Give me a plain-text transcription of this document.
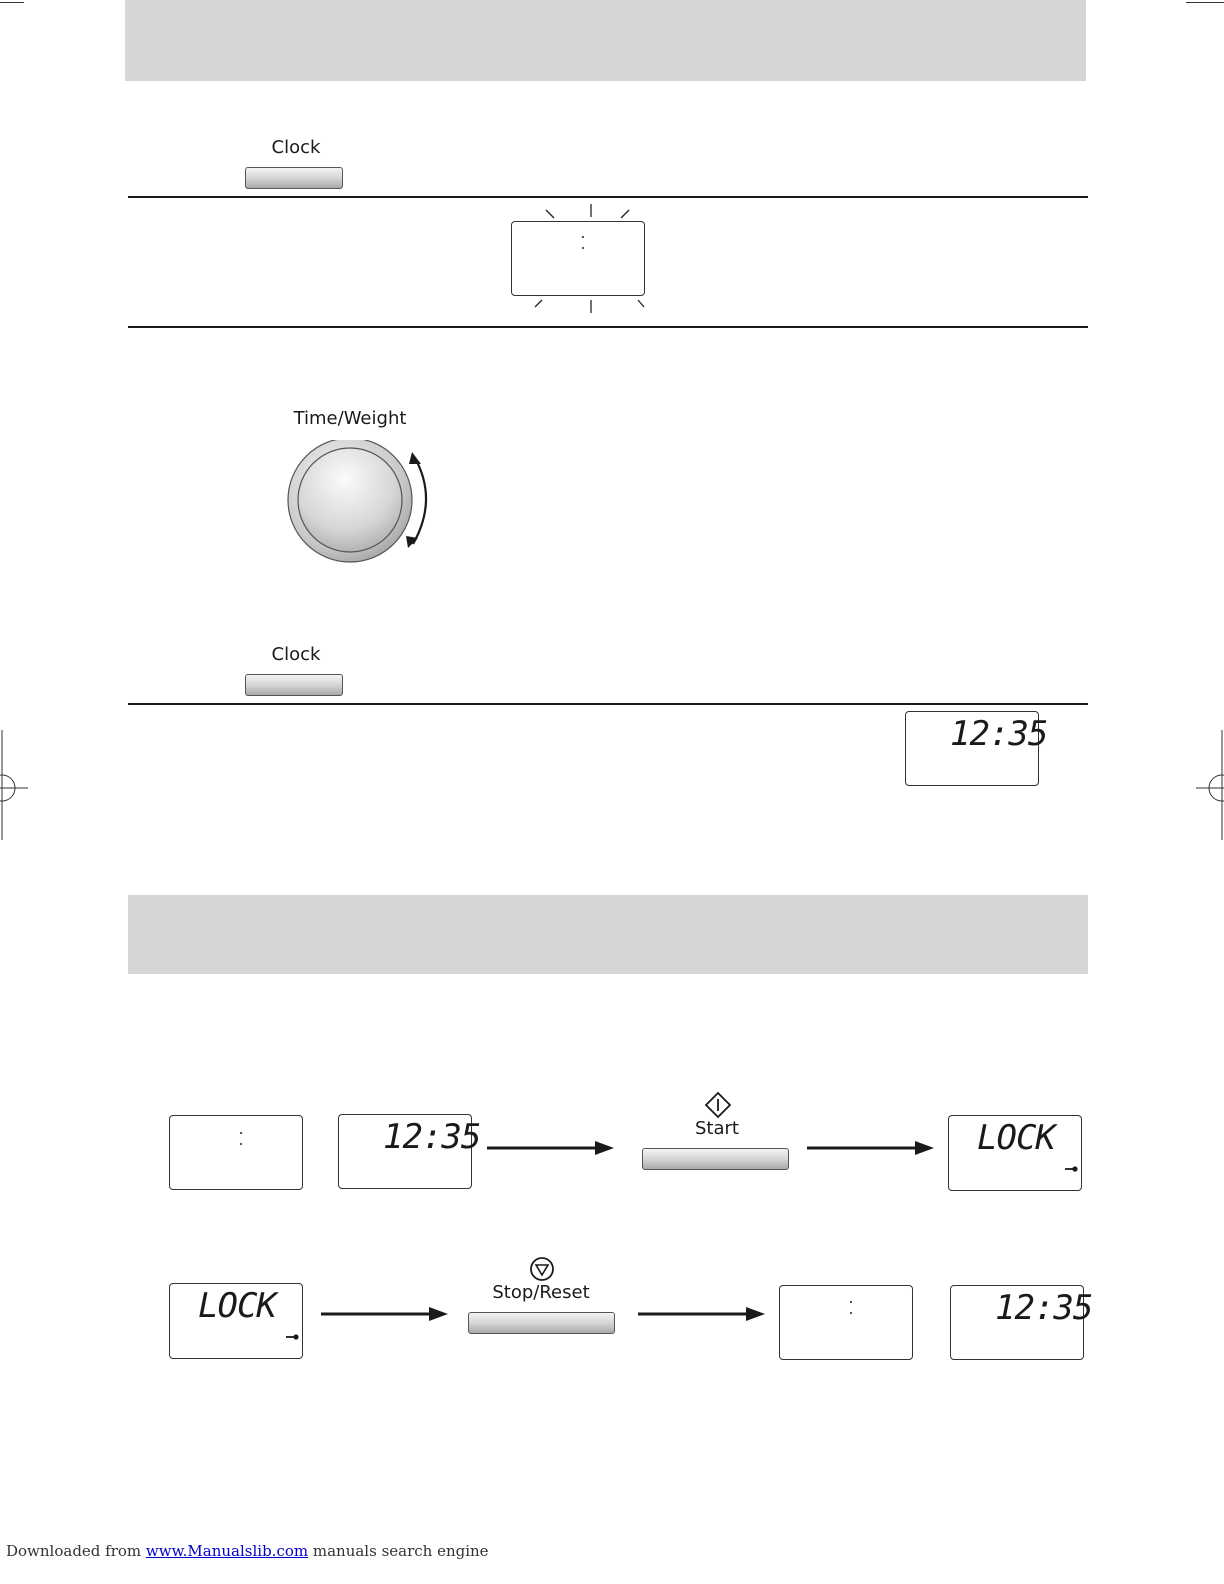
Clock
Time/Weight
Clock
12:35
12:35	Start	LOCK
LOCK	Stop/Reset	12:35
Downloaded from www.Manualslib.com manuals search engine
